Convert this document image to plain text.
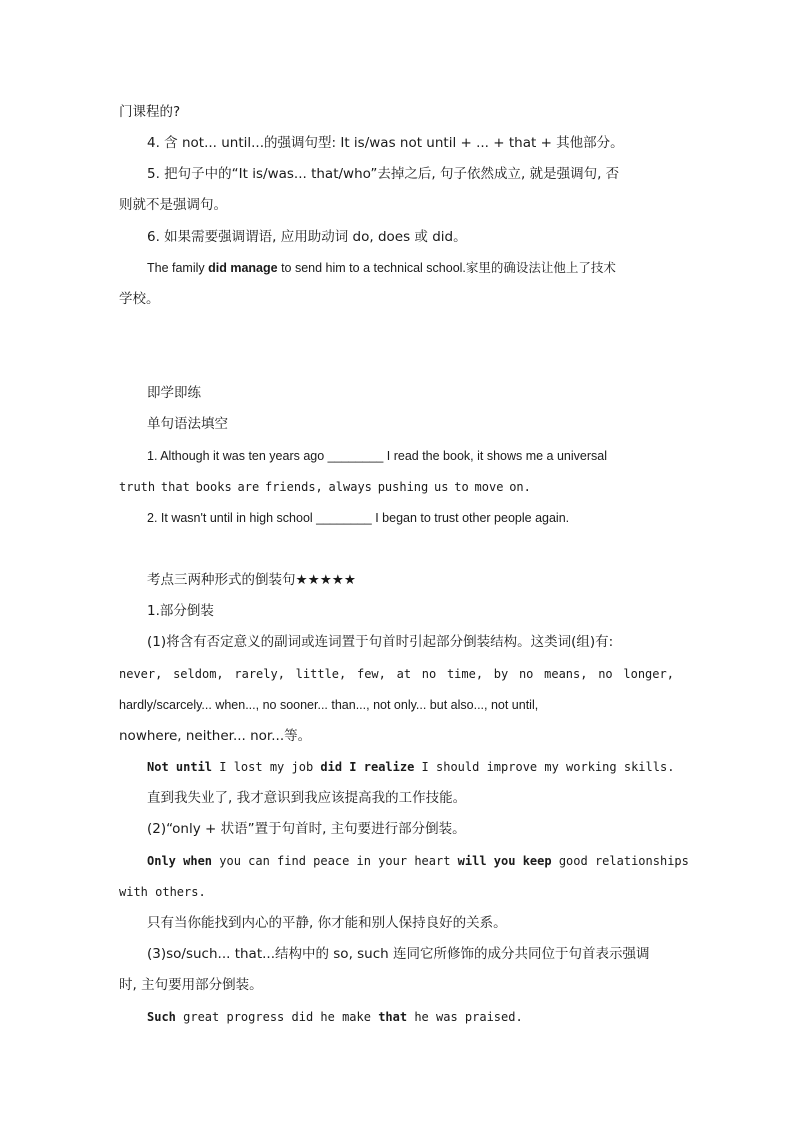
门课程的?
4. 含 not... until...的强调句型: It is/was not until + ... + that + 其他部分。
5. 把句子中的“It is/was... that/who”去掉之后, 句子依然成立, 就是强调句, 否
则就不是强调句。
6. 如果需要强调谓语, 应用助动词 do, does 或 did。
The family did manage to send him to a technical school.家里的确设法让他上了技术
学校。
即学即练
单句语法填空
1. Although it was ten years ago ________ I read the book, it shows me a universal
truth that books are friends, always pushing us to move on.
2. It wasn't until in high school ________ I began to trust other people again.
考点三两种形式的倒装句★★★★★
1.部分倒装
(1)将含有否定意义的副词或连词置于句首时引起部分倒装结构。这类词(组)有:
never, seldom, rarely, little, few, at no time, by no means, no longer,
hardly/scarcely... when..., no sooner... than..., not only... but also..., not until,
nowhere, neither... nor...等。
Not until I lost my job did I realize I should improve my working skills.
直到我失业了, 我才意识到我应该提高我的工作技能。
(2)“only + 状语”置于句首时, 主句要进行部分倒装。
Only when you can find peace in your heart will you keep good relationships
with others.
只有当你能找到内心的平静, 你才能和别人保持良好的关系。
(3)so/such... that...结构中的 so, such 连同它所修饰的成分共同位于句首表示强调
时, 主句要用部分倒装。
Such great progress did he make that he was praised.
